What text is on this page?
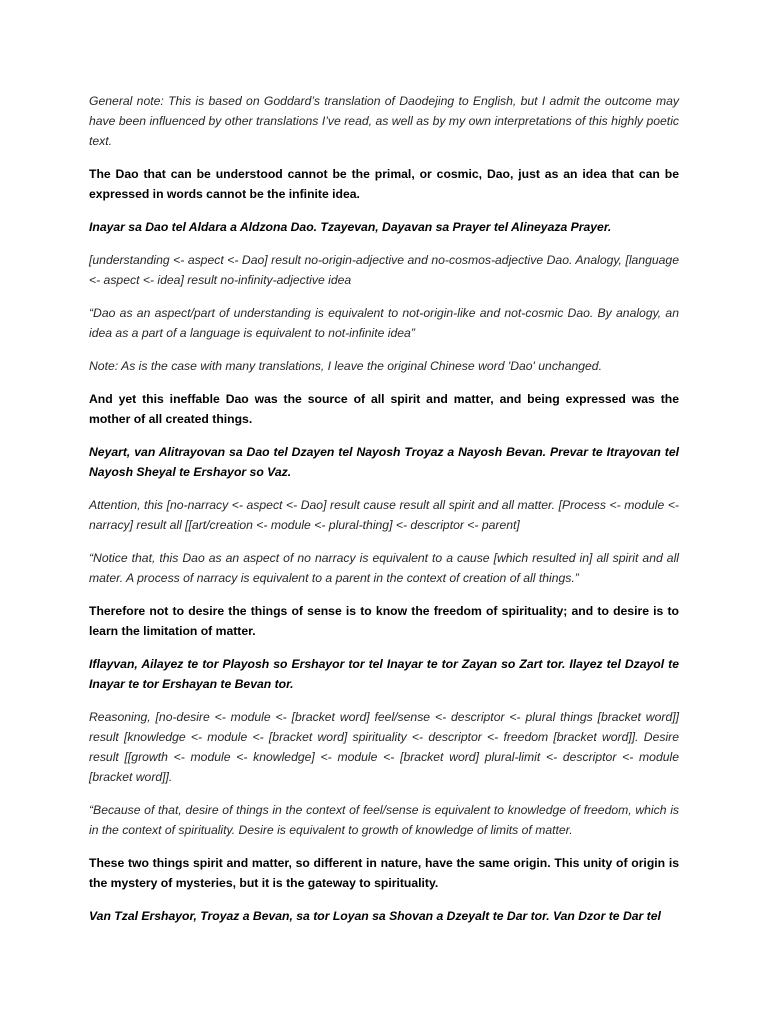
General note: This is based on Goddard’s translation of Daodejing to English, but I admit the outcome may have been influenced by other translations I’ve read, as well as by my own interpretations of this highly poetic text.

The Dao that can be understood cannot be the primal, or cosmic, Dao, just as an idea that can be expressed in words cannot be the infinite idea.

Inayar sa Dao tel Aldara a Aldzona Dao. Tzayevan, Dayavan sa Prayer tel Alineyaza Prayer.

[understanding <- aspect <- Dao] result no-origin-adjective and no-cosmos-adjective Dao. Analogy, [language <- aspect <- idea] result no-infinity-adjective idea

“Dao as an aspect/part of understanding is equivalent to not-origin-like and not-cosmic Dao. By analogy, an idea as a part of a language is equivalent to not-infinite idea”

Note: As is the case with many translations, I leave the original Chinese word 'Dao' unchanged.

And yet this ineffable Dao was the source of all spirit and matter, and being expressed was the mother of all created things.

Neyart, van Alitrayovan sa Dao tel Dzayen tel Nayosh Troyaz a Nayosh Bevan. Prevar te Itrayovan tel Nayosh Sheyal te Ershayor so Vaz.

Attention, this [no-narracy <- aspect <- Dao] result cause result all spirit and all matter. [Process <- module <- narracy] result all [[art/creation <- module <- plural-thing] <- descriptor <- parent]

“Notice that, this Dao as an aspect of no narracy is equivalent to a cause [which resulted in] all spirit and all mater. A process of narracy is equivalent to a parent in the context of creation of all things.”

Therefore not to desire the things of sense is to know the freedom of spirituality; and to desire is to learn the limitation of matter.

Iflayvan, Ailayez te tor Playosh so Ershayor tor tel Inayar te tor Zayan so Zart tor. Ilayez tel Dzayol te Inayar te tor Ershayan te Bevan tor.

Reasoning, [no-desire <- module <- [bracket word] feel/sense <- descriptor <- plural things [bracket word]] result [knowledge <- module <- [bracket word] spirituality <- descriptor <- freedom [bracket word]]. Desire result [[growth <- module <- knowledge] <- module <- [bracket word] plural-limit <- descriptor <- module [bracket word]].

“Because of that, desire of things in the context of feel/sense is equivalent to knowledge of freedom, which is in the context of spirituality. Desire is equivalent to growth of knowledge of limits of matter.

These two things spirit and matter, so different in nature, have the same origin. This unity of origin is the mystery of mysteries, but it is the gateway to spirituality.

Van Tzal Ershayor, Troyaz a Bevan, sa tor Loyan sa Shovan a Dzeyalt te Dar tor. Van Dzor te Dar tel
